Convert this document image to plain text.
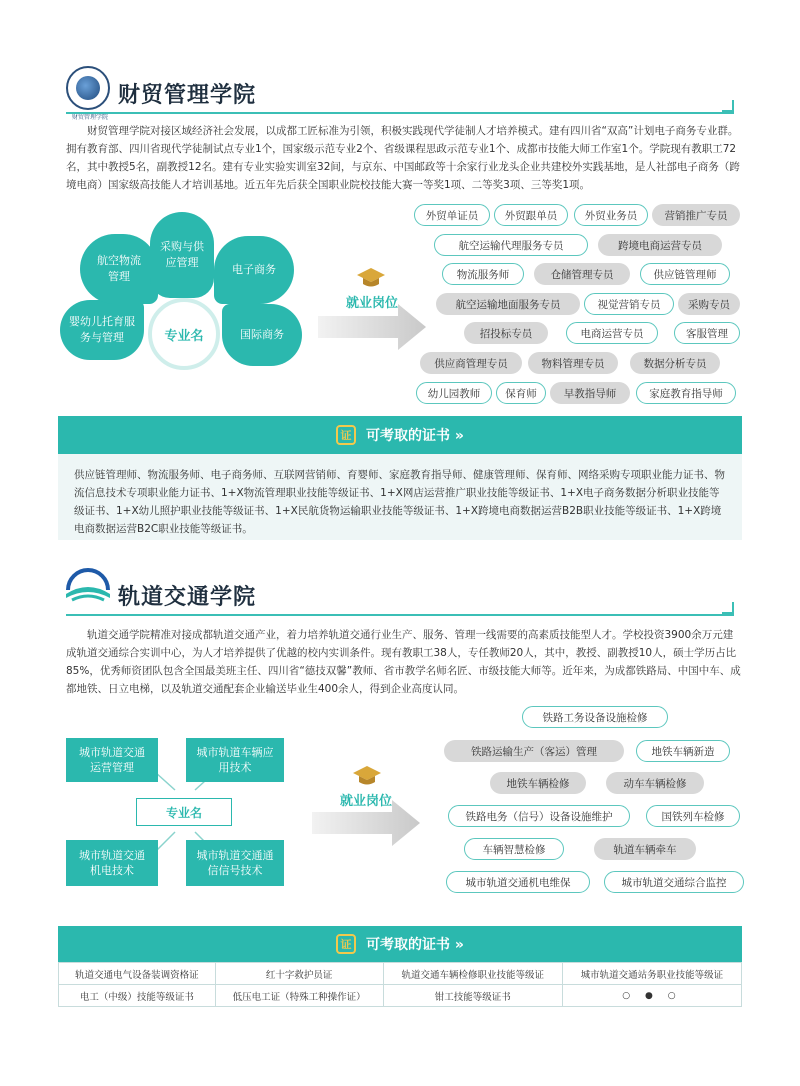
财贸管理学院
财贸管理学院
财贸管理学院对接区域经济社会发展，以成都工匠标准为引领，积极实践现代学徒制人才培养模式。建有四川省“双高”计划电子商务专业群。拥有教育部、四川省现代学徒制试点专业1个，国家级示范专业2个、省级课程思政示范专业1个、成都市技能大师工作室1个。学院现有教职工72名，其中教授5名，副教授12名。建有专业实验实训室32间，与京东、中国邮政等十余家行业龙头企业共建校外实践基地，是人社部电子商务（跨境电商）国家级高技能人才培训基地。近五年先后获全国职业院校技能大赛一等奖1项、二等奖3项、三等奖1项。
婴幼儿托育服务与管理
航空物流管理
采购与供应管理
电子商务
国际商务
专业名
就业岗位
外贸单证员	外贸跟单员	外贸业务员	营销推广专员
航空运输代理服务专员	跨境电商运营专员
物流服务师	仓储管理专员	供应链管理师
航空运输地面服务专员	视觉营销专员	采购专员
招投标专员	电商运营专员	客服管理
供应商管理专员	物料管理专员	数据分析专员
幼儿园教师	保育师	早教指导师	家庭教育指导师
证	可考取的证书 »
供应链管理师、物流服务师、电子商务师、互联网营销师、育婴师、家庭教育指导师、健康管理师、保育师、网络采购专项职业能力证书、物流信息技术专项职业能力证书、1+X物流管理职业技能等级证书、1+X网店运营推广职业技能等级证书、1+X电子商务数据分析职业技能等级证书、1+X幼儿照护职业技能等级证书、1+X民航货物运输职业技能等级证书、1+X跨境电商数据运营B2B职业技能等级证书、1+X跨境电商数据运营B2C职业技能等级证书。
轨道交通学院
轨道交通学院精准对接成都轨道交通产业，着力培养轨道交通行业生产、服务、管理一线需要的高素质技能型人才。学校投资3900余万元建成轨道交通综合实训中心，为人才培养提供了优越的校内实训条件。现有教职工38人，专任教师20人，其中，教授、副教授10人，硕士学历占比85%，优秀师资团队包含全国最美班主任、四川省“德技双馨”教师、省市教学名师名匠、市级技能大师等。近年来，为成都铁路局、中国中车、成都地铁、日立电梯，以及轨道交通配套企业输送毕业生400余人，得到企业高度认同。
城市轨道交通运营管理
城市轨道车辆应用技术
专业名
城市轨道交通机电技术
城市轨道交通通信信号技术
就业岗位
铁路工务设备设施检修
铁路运输生产（客运）管理	地铁车辆新造
地铁车辆检修	动车车辆检修
铁路电务（信号）设备设施维护	国铁列车检修
车辆智慧检修	轨道车辆牵车
城市轨道交通机电维保	城市轨道交通综合监控
证	可考取的证书 »
轨道交通电气设备装调资格证	红十字救护员证	轨道交通车辆检修职业技能等级证	城市轨道交通站务职业技能等级证
电工（中级）技能等级证书	低压电工证（特殊工种操作证）	钳工技能等级证书	○ ● ○
